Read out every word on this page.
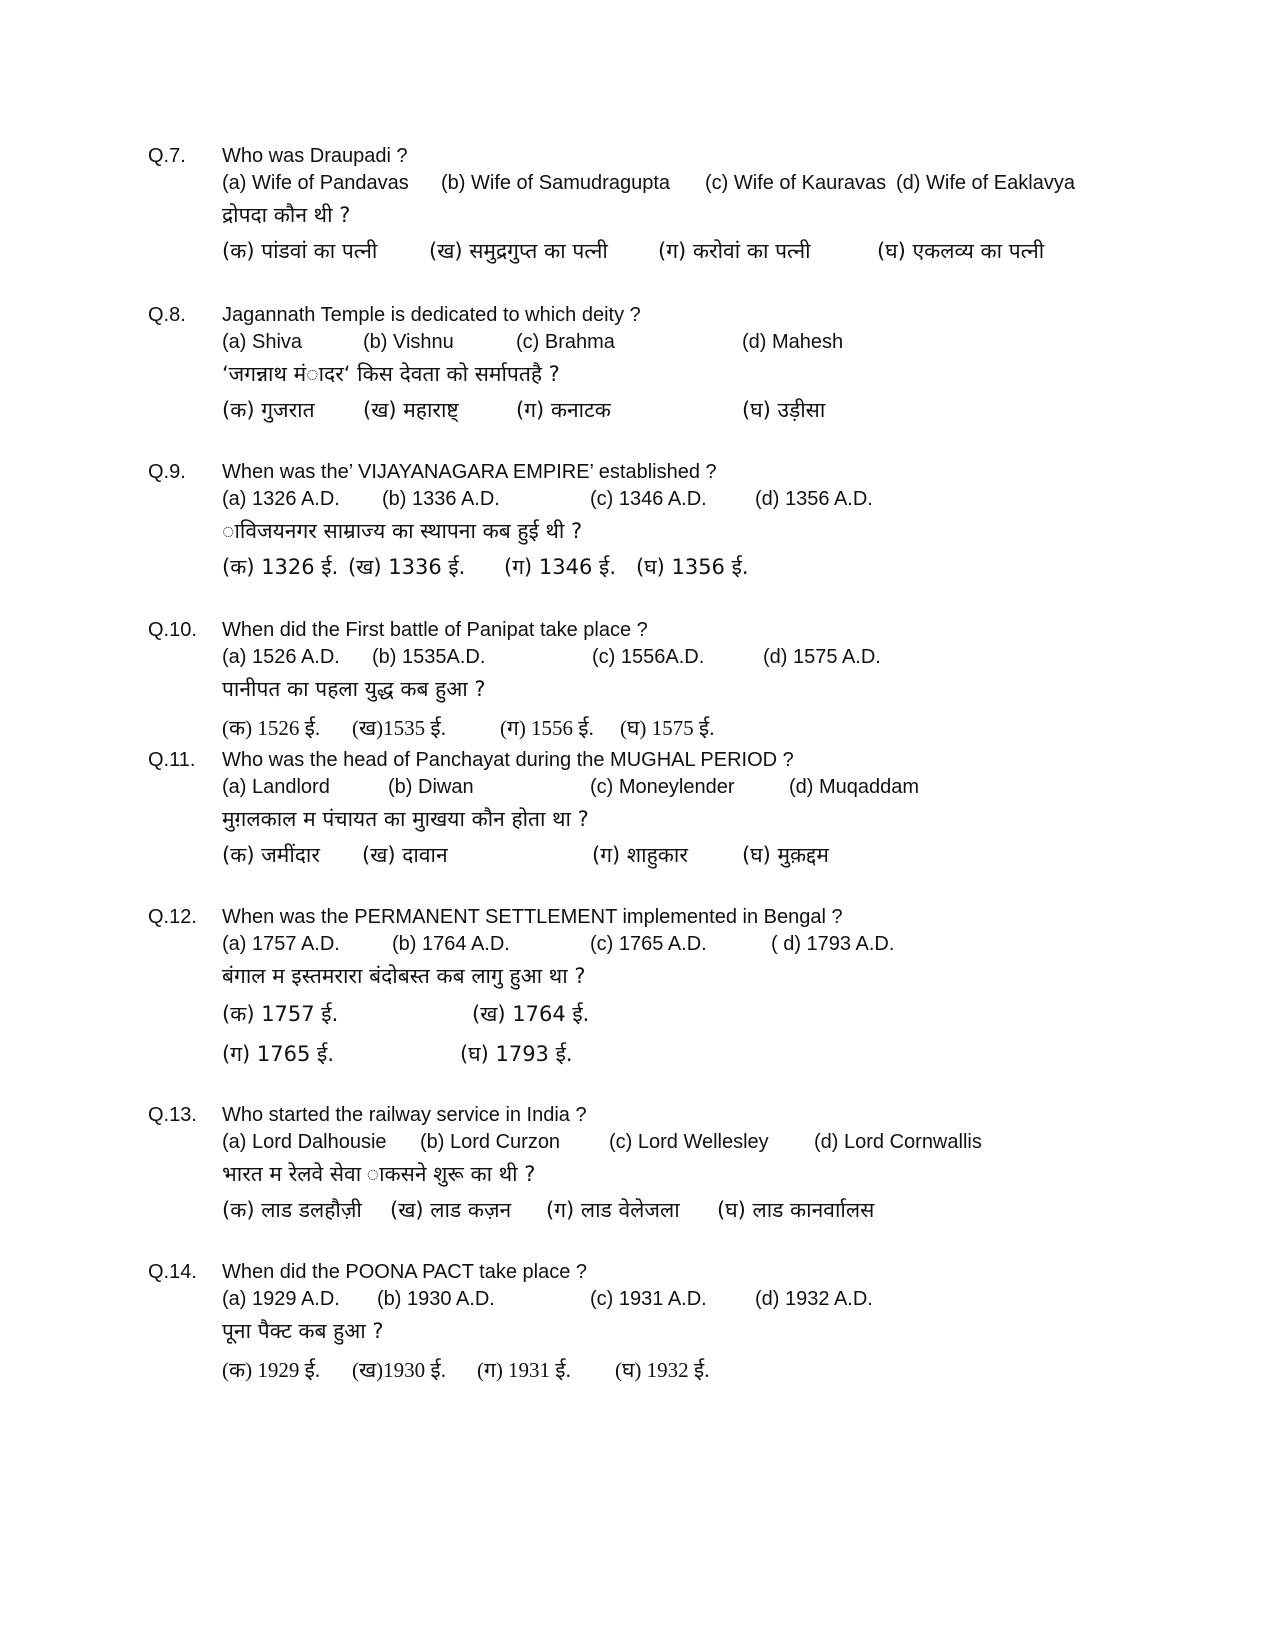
Q.7. Who was Draupadi ?
(a) Wife of Pandavas (b) Wife of Samudragupta (c) Wife of Kauravas (d) Wife of Eaklavya
द्रोपदा कौन थी ?
(क) पांडवां का पत्नी (ख) समुद्रगुप्त का पत्नी (ग) करोवां का पत्नी	(घ) एकलव्य का पत्नी
Q.8. Jagannath Temple is dedicated to which deity ?
(a) Shiva	(b) Vishnu	(c) Brahma	(d) Mahesh
‘जगन्नाथ मंादर‘ किस देवता को सर्मापतहै ?
(क) गुजरात (ख) महाराष्ट्	(ग) कनाटक	(घ) उड़ीसा
Q.9. When was the’ VIJAYANAGARA EMPIRE’ established ?
(a) 1326 A.D. (b) 1336 A.D.	(c) 1346 A.D. (d) 1356 A.D.
ाविजयनगर साम्राज्य का स्थापना कब हुई थी ?
(क) 1326 ई. (ख) 1336 ई. (ग) 1346 ई. (घ) 1356 ई.
Q.10. When did the First battle of Panipat take place ?
(a) 1526 A.D. (b) 1535A.D.	(c) 1556A.D.	(d) 1575 A.D.
पानीपत का पहला युद्ध कब हुआ ?
(क) 1526 ई. (ख)1535 ई.	(ग) 1556 ई. (घ) 1575 ई.
Q.11. Who was the head of Panchayat during the MUGHAL PERIOD ?
(a) Landlord	(b) Diwan	(c) Moneylender	(d) Muqaddam
मुग़लकाल म पंचायत का मुाखया कौन होता था ?
(क) जमींदार (ख) दावान	(ग) शाहुकार	(घ) मुक़द्दम
Q.12. When was the PERMANENT SETTLEMENT implemented in Bengal ?
(a) 1757 A.D.	(b) 1764 A.D.	(c) 1765 A.D.	( d) 1793 A.D.
बंगाल म इस्तमरारा बंदोबस्त कब लागु हुआ था ?
(क) 1757 ई.	(ख) 1764 ई.
(ग) 1765 ई.	(घ) 1793 ई.
Q.13. Who started the railway service in India ?
(a) Lord Dalhousie (b) Lord Curzon (c) Lord Wellesley (d) Lord Cornwallis
भारत म रेलवे सेवा ाकसने शुरू का थी ?
(क) लाड डलहौज़ी (ख) लाड कज़न (ग) लाड वेलेजला (घ) लाड कानर्वाालस
Q.14. When did the POONA PACT take place ?
(a) 1929 A.D. (b) 1930 A.D.	(c) 1931 A.D. (d) 1932 A.D.
पूना पैक्ट कब हुआ ?
(क) 1929 ई. (ख)1930 ई. (ग) 1931 ई. (घ) 1932 ई.
